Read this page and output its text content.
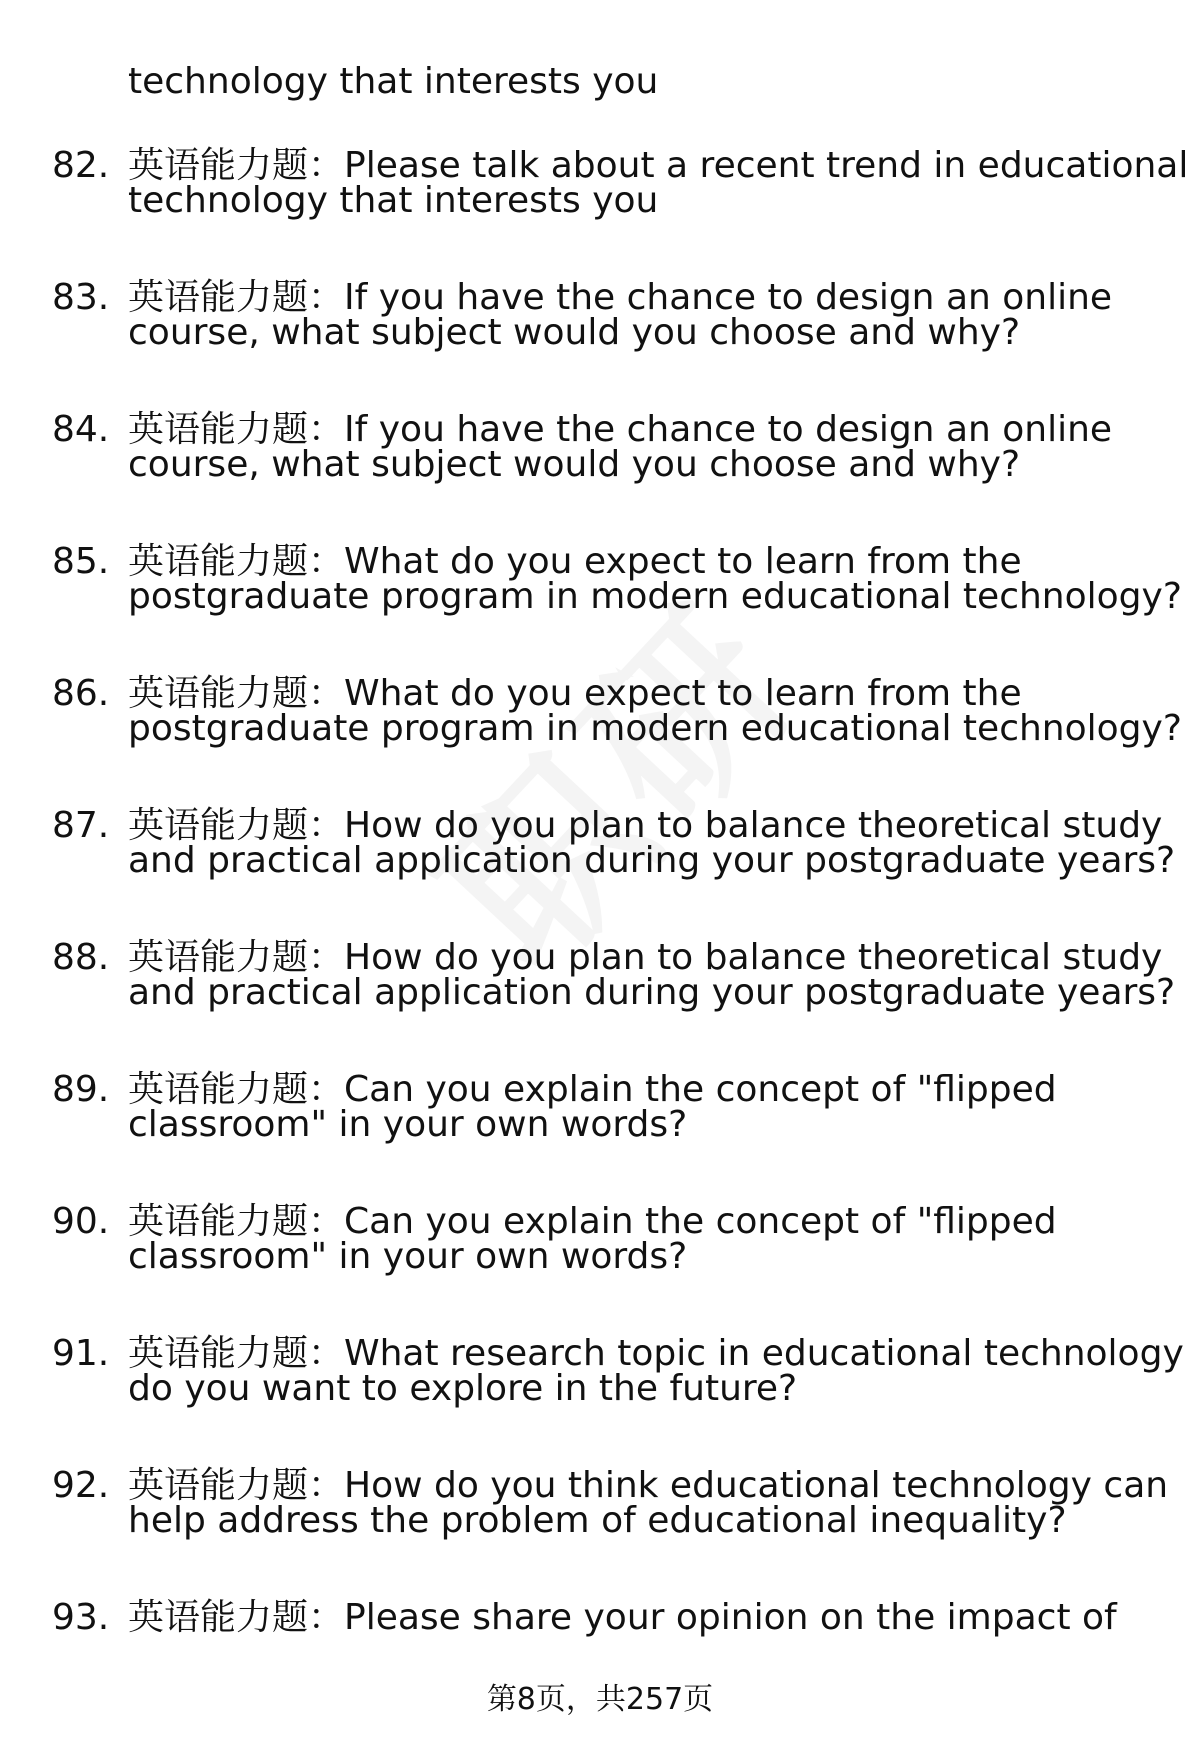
technology that interests you
82. 英语能力题：Please talk about a recent trend in educational
technology that interests you
83. 英语能力题：If you have the chance to design an online
course, what subject would you choose and why?
84. 英语能力题：If you have the chance to design an online
course, what subject would you choose and why?
85. 英语能力题：What do you expect to learn from the
postgraduate program in modern educational technology?
86. 英语能力题：What do you expect to learn from the
postgraduate program in modern educational technology?
87. 英语能力题：How do you plan to balance theoretical study
and practical application during your postgraduate years?
88. 英语能力题：How do you plan to balance theoretical study
and practical application during your postgraduate years?
89. 英语能力题：Can you explain the concept of "flipped
classroom" in your own words?
90. 英语能力题：Can you explain the concept of "flipped
classroom" in your own words?
91. 英语能力题：What research topic in educational technology
do you want to explore in the future?
92. 英语能力题：How do you think educational technology can
help address the problem of educational inequality?
93. 英语能力题：Please share your opinion on the impact of
第8页，共257页
